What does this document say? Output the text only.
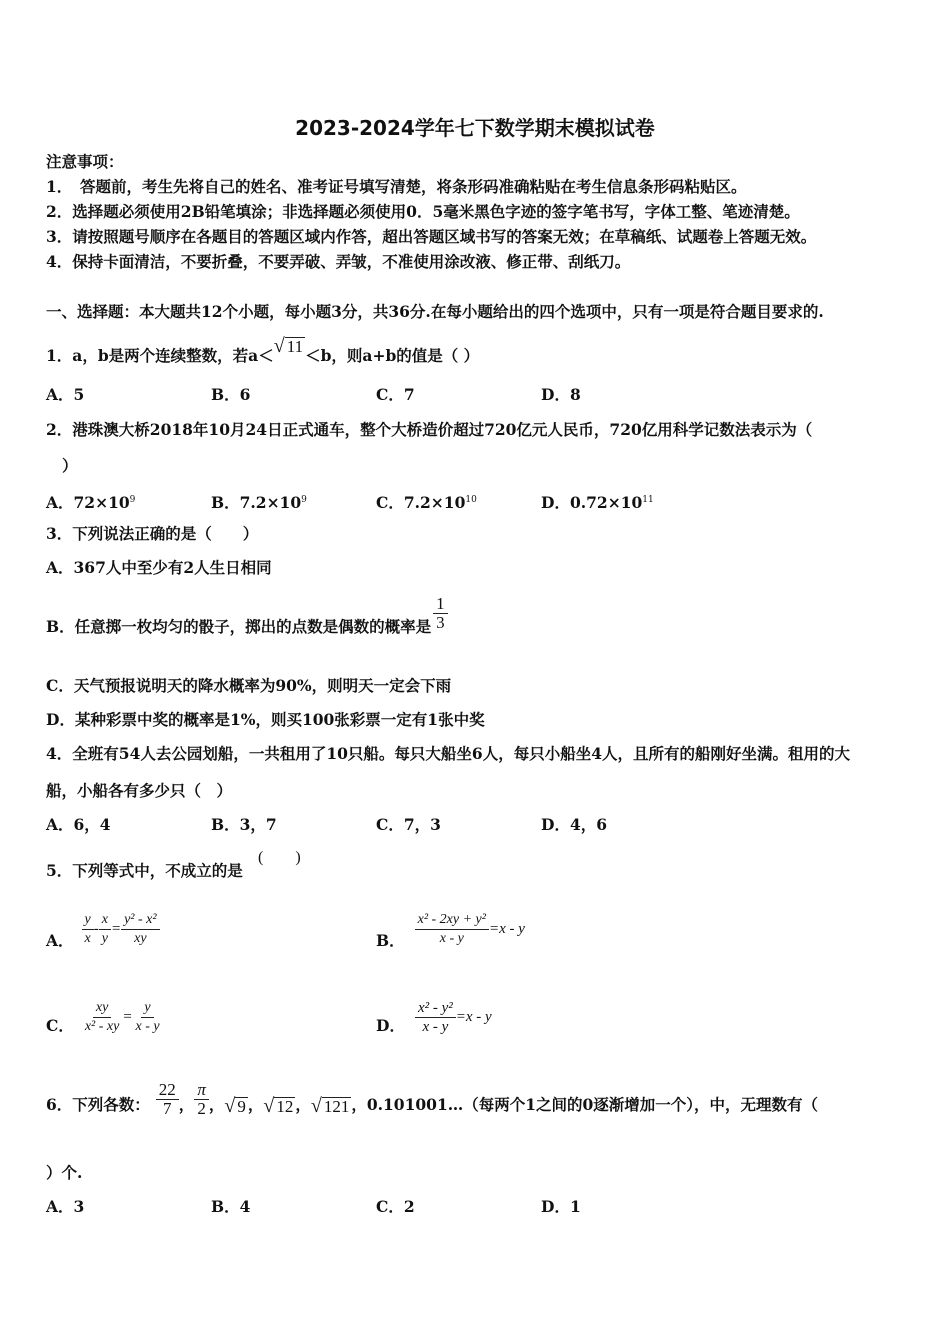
2023-2024学年七下数学期末模拟试卷
注意事项：
1．　答题前，考生先将自己的姓名、准考证号填写清楚，将条形码准确粘贴在考生信息条形码粘贴区。
2．选择题必须使用2B铅笔填涂；非选择题必须使用0．5毫米黑色字迹的签字笔书写，字体工整、笔迹清楚。
3．请按照题号顺序在各题目的答题区域内作答，超出答题区域书写的答案无效；在草稿纸、试题卷上答题无效。
4．保持卡面清洁，不要折叠，不要弄破、弄皱，不准使用涂改液、修正带、刮纸刀。
一、选择题：本大题共12个小题，每小题3分，共36分.在每小题给出的四个选项中，只有一项是符合题目要求的.
1．a，b是两个连续整数，若a＜ √ 11 ＜b，则a+b的值是（ ）
A．5	B．6	C．7	D．8
2．港珠澳大桥2018年10月24日正式通车，整个大桥造价超过720亿元人民币，720亿用科学记数法表示为（
）
A．$72\times 10^9$	B．$7.2\times 10^9$	C．$7.2\times 10^{10}$	D．$0.72\times 10^{11}$
3．下列说法正确的是（　　）
A．367人中至少有2人生日相同
B．任意掷一枚均匀的骰子，掷出的点数是偶数的概率是 $\frac{1}{3}$
C．天气预报说明天的降水概率为90%，则明天一定会下雨
D．某种彩票中奖的概率是1%，则买100张彩票一定有1张中奖
4．全班有54人去公园划船，一共租用了10只船。每只大船坐6人，每只小船坐4人，且所有的船刚好坐满。租用的大
船，小船各有多少只（　）
A．6，4	B．3，7	C．7，3	D．4，6
5．下列等式中，不成立的是
(　　)
A． $\frac{y}{x} - \frac{x}{y} = \frac{\text{y² - x²}}{xy}$	B． $\frac{\text{x² - 2xy + y²}}{x - y} =x - y$
C． $\frac{xy}{\text{x² - xy}} = \frac{y}{x - y}$	D． $\frac{\text{x² - y²}}{x - y} =x - y$
6．下列各数： $\frac{22}{7}$ ， $\frac{\pi}{2}$ ， √ 9 ， √ 12 ， √ 121 ，0.101001…（每两个1之间的0逐渐增加一个），中，无理数有（
）个.
A．3	B．4	C．2	D．1
